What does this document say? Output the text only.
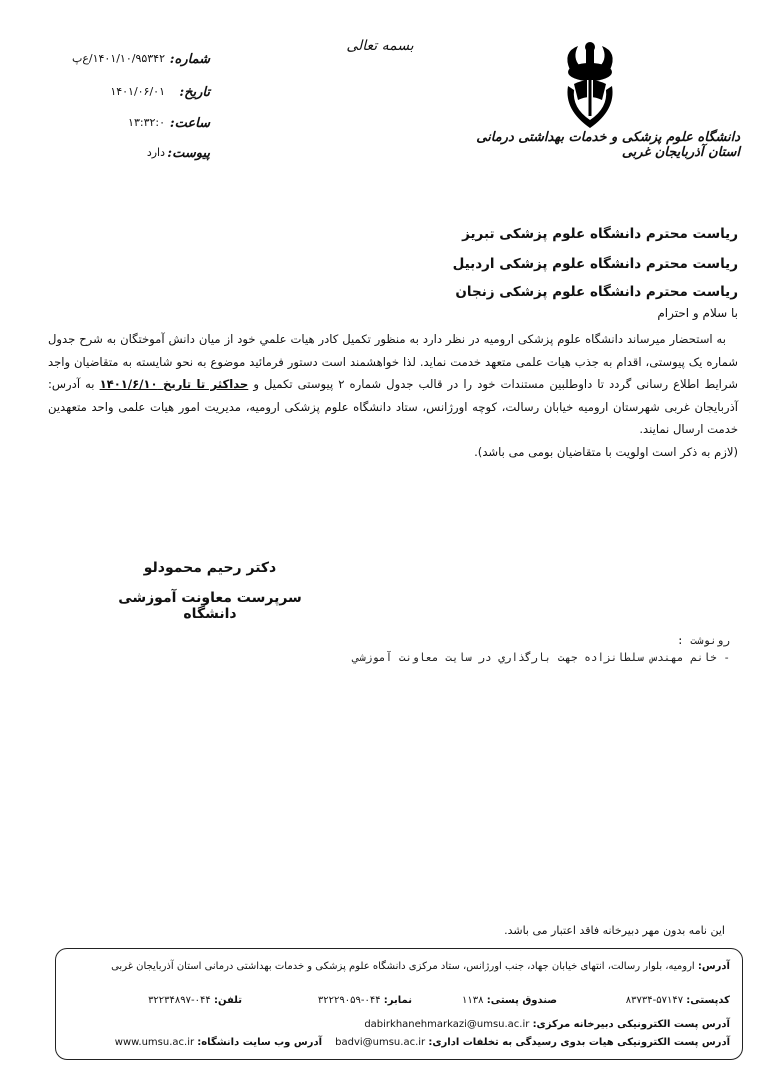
بسمه تعالی
دانشگاه علوم پزشکی و خدمات بهداشتی درمانی استان آذربایجان غربی
شماره:
۱۴۰۱/۱۰/۹۵۳۴۲/ع‌پ
تاریخ:
۱۴۰۱/۰۶/۰۱
ساعت:
۱۳:۳۲:۰
پیوست:
دارد
ریاست محترم دانشگاه علوم پزشکی تبریز
ریاست محترم دانشگاه علوم پزشکی اردبیل
ریاست محترم دانشگاه علوم پزشکی زنجان
با سلام و احترام

به استحضار میرساند دانشگاه علوم پزشکی ارومیه در نظر دارد به منظور تکمیل کادر هیات علمي خود از میان دانش آموختگان به شرح جدول شماره یک پیوستی، اقدام به جذب هیات علمی متعهد خدمت نماید. لذا خواهشمند است دستور فرمائید موضوع به نحو شایسته به متقاضیان واجد شرایط اطلاع رسانی گردد تا داوطلبین مستندات خود را در قالب جدول شماره ۲ پیوستی تکمیل و حداکثر تا تاریخ ۱۴۰۱/۶/۱۰ به آدرس: آذربایجان غربی شهرستان ارومیه خیابان رسالت، کوچه اورژانس، ستاد دانشگاه علوم پزشکی ارومیه، مدیریت امور هیات علمی واحد متعهدین خدمت ارسال نمایند.

(لازم به ذکر است اولویت با متقاضیان بومی می باشد).

دکتر رحیم محمودلو
سرپرست معاونت آموزشی دانشگاه
رونوشت :
- خانم مهندس سلطانزاده جهت بارگذاري در سایت معاونت آموزشي
این نامه بدون مهر دبیرخانه فاقد اعتبار می باشد.
آدرس: ارومیه، بلوار رسالت، انتهای خیابان جهاد، جنب اورژانس، ستاد مرکزی دانشگاه علوم پزشکی و خدمات بهداشتی درمانی استان آذربایجان غربی
کدپستی: ۵۷۱۴۷-۸۳۷۳۴
صندوق پستی: ۱۱۳۸
نمابر: ۰۴۴-۳۲۲۲۹۰۵۹
تلفن: ۰۴۴-۳۲۲۳۴۸۹۷
آدرس پست الکترونیکی دبیرخانه مرکزی: dabirkhanehmarkazi@umsu.ac.ir
آدرس پست الکترونیکی هیات بدوی رسیدگی به تخلفات اداری: badvi@umsu.ac.ir
آدرس وب سایت دانشگاه: www.umsu.ac.ir
